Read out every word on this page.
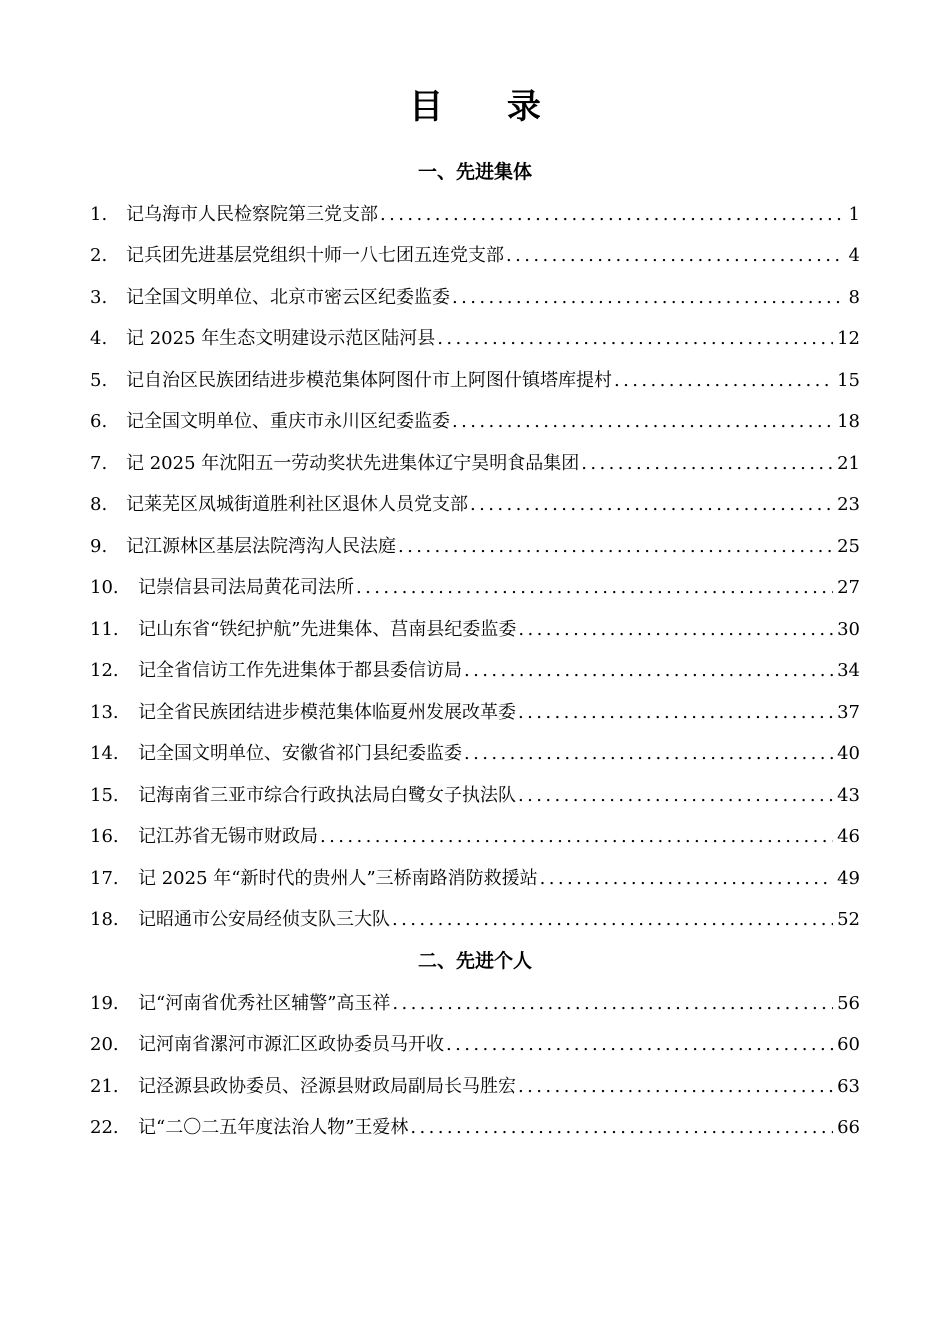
目 录
一、先进集体
1.	记乌海市人民检察院第三党支部 .....	1
2.	记兵团先进基层党组织十师一八七团五连党支部 .....	4
3.	记全国文明单位、北京市密云区纪委监委 .....	8
4.	记 2025 年生态文明建设示范区陆河县 .....	12
5.	记自治区民族团结进步模范集体阿图什市上阿图什镇塔库提村 .....	15
6.	记全国文明单位、重庆市永川区纪委监委 .....	18
7.	记 2025 年沈阳五一劳动奖状先进集体辽宁昊明食品集团 .....	21
8.	记莱芜区凤城街道胜利社区退休人员党支部 .....	23
9.	记江源林区基层法院湾沟人民法庭 .....	25
10.	记崇信县司法局黄花司法所 .....	27
11.	记山东省“铁纪护航”先进集体、莒南县纪委监委 .....	30
12.	记全省信访工作先进集体于都县委信访局 .....	34
13.	记全省民族团结进步模范集体临夏州发展改革委 .....	37
14.	记全国文明单位、安徽省祁门县纪委监委 .....	40
15.	记海南省三亚市综合行政执法局白鹭女子执法队 .....	43
16.	记江苏省无锡市财政局 .....	46
17.	记 2025 年“新时代的贵州人”三桥南路消防救援站 .....	49
18.	记昭通市公安局经侦支队三大队 .....	52
二、先进个人
19.	记“河南省优秀社区辅警”高玉祥 .....	56
20.	记河南省漯河市源汇区政协委员马开收 .....	60
21.	记泾源县政协委员、泾源县财政局副局长马胜宏 .....	63
22.	记“二〇二五年度法治人物”王爱林 .....	66
